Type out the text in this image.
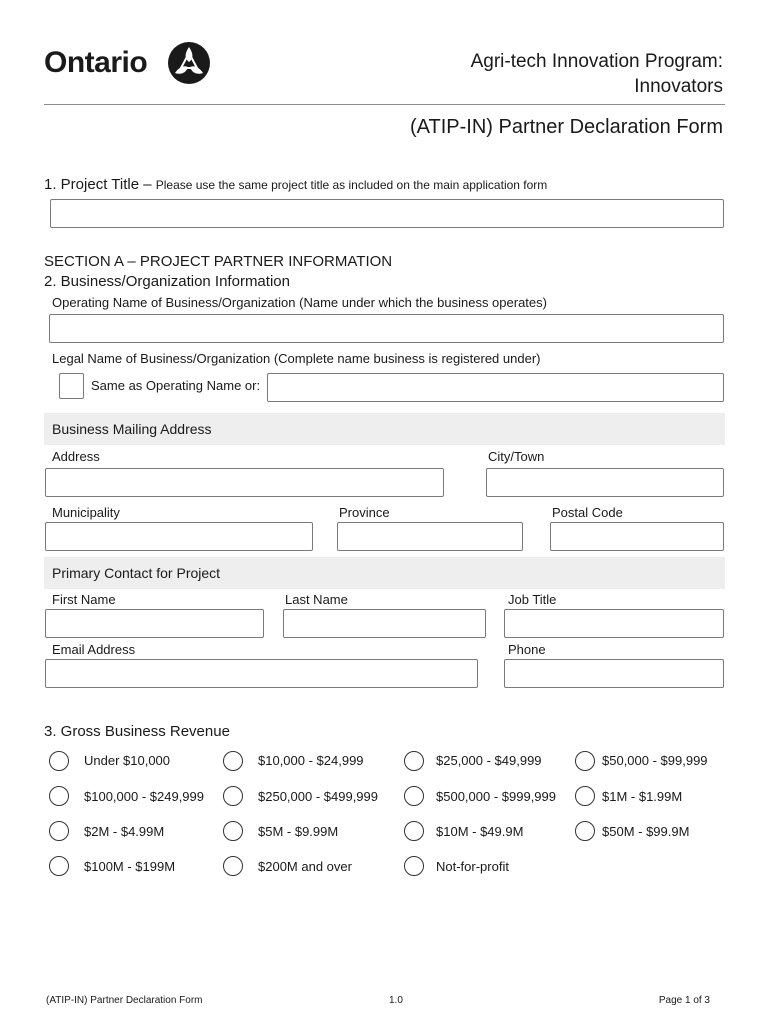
Ontario	Agri-tech Innovation Program:
Innovators
(ATIP-IN) Partner Declaration Form
1. Project Title – Please use the same project title as included on the main application form
SECTION A – PROJECT PARTNER INFORMATION
2. Business/Organization Information
Operating Name of Business/Organization (Name under which the business operates)
Legal Name of Business/Organization (Complete name business is registered under)
Same as Operating Name or:
Business Mailing Address
Address	City/Town
Municipality	Province	Postal Code
Primary Contact for Project
First Name	Last Name	Job Title
Email Address	Phone
3. Gross Business Revenue
Under $10,000	$10,000 - $24,999	$25,000 - $49,999	$50,000 - $99,999
$100,000 - $249,999	$250,000 - $499,999	$500,000 - $999,999	$1M - $1.99M
$2M - $4.99M	$5M - $9.99M	$10M - $49.9M	$50M - $99.9M
$100M - $199M	$200M and over	Not-for-profit
(ATIP-IN) Partner Declaration Form	1.0	Page 1 of 3
